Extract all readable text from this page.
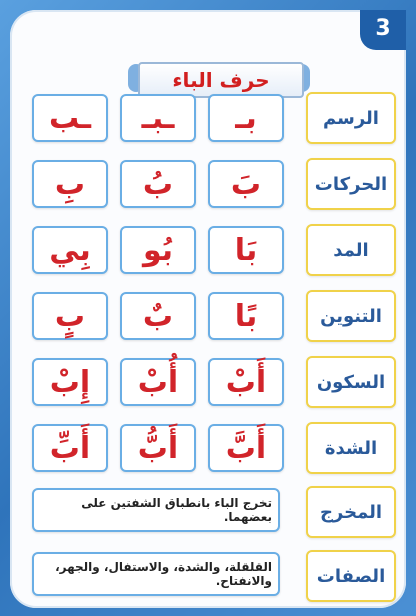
3
حرف الباء
الرسم
بـ
ـبـ
ـب
الحركات
بَ
بُ
بِ
المد
بَا
بُو
بِي
التنوين
بًا
بٌ
بٍ
السكون
أَبْ
أُبْ
إِبْ
الشدة
أَبَّ
أَبُّ
أَبِّ
المخرج
تخرج الباء بانطباق الشفتين على بعضهما.
الصفات
القلقلة، والشدة، والاستفال، والجهر، والانفتاح.
